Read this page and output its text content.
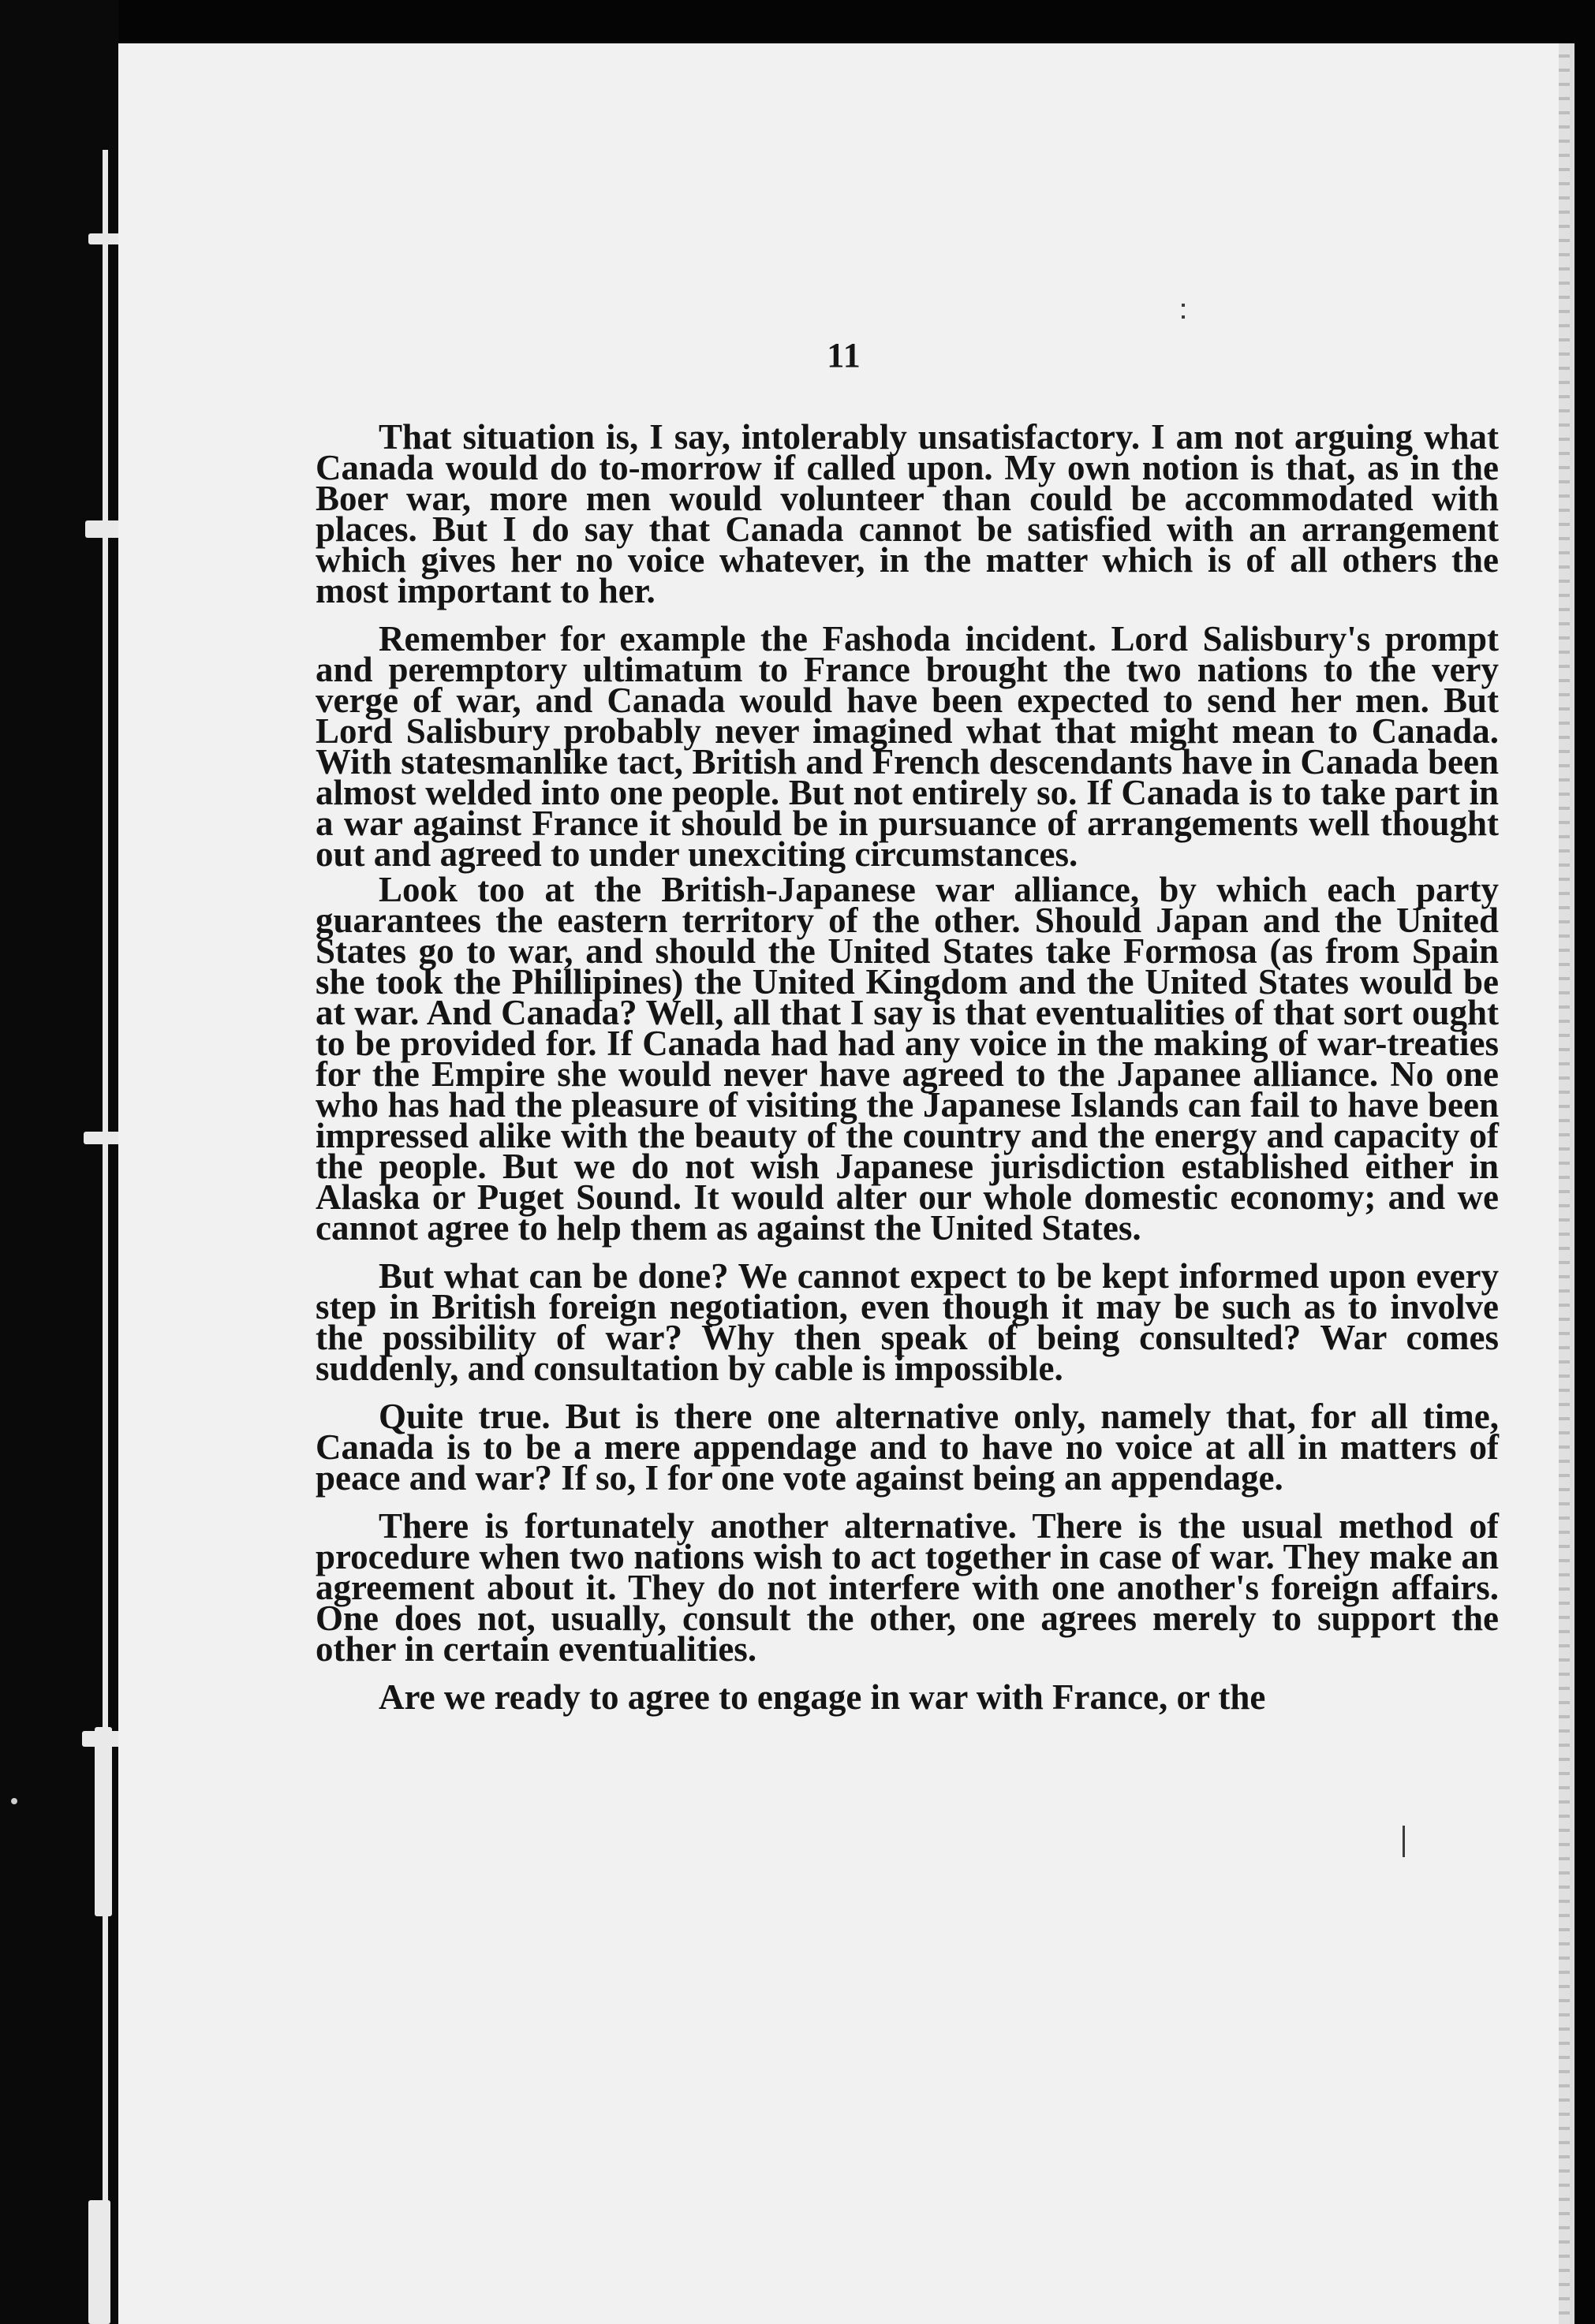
11

That situation is, I say, intolerably unsatisfactory. I am not arguing what Canada would do to-morrow if called upon. My own notion is that, as in the Boer war, more men would volunteer than could be accommodated with places. But I do say that Canada cannot be satisfied with an arrangement which gives her no voice whatever, in the matter which is of all others the most important to her.

Remember for example the Fashoda incident. Lord Salisbury's prompt and peremptory ultimatum to France brought the two nations to the very verge of war, and Canada would have been expected to send her men. But Lord Salisbury probably never imagined what that might mean to Canada. With statesmanlike tact, British and French descendants have in Canada been almost welded into one people. But not entirely so. If Canada is to take part in a war against France it should be in pursuance of arrangements well thought out and agreed to under unexciting circumstances.

Look too at the British-Japanese war alliance, by which each party guarantees the eastern territory of the other. Should Japan and the United States go to war, and should the United States take Formosa (as from Spain she took the Phillipines) the United Kingdom and the United States would be at war. And Canada? Well, all that I say is that eventualities of that sort ought to be provided for. If Canada had had any voice in the making of war-treaties for the Empire she would never have agreed to the Japanee alliance. No one who has had the pleasure of visiting the Japanese Islands can fail to have been impressed alike with the beauty of the country and the energy and capacity of the people. But we do not wish Japanese jurisdiction established either in Alaska or Puget Sound. It would alter our whole domestic economy; and we cannot agree to help them as against the United States.

But what can be done? We cannot expect to be kept informed upon every step in British foreign negotiation, even though it may be such as to involve the possibility of war? Why then speak of being consulted? War comes suddenly, and consultation by cable is impossible.

Quite true. But is there one alternative only, namely that, for all time, Canada is to be a mere appendage and to have no voice at all in matters of peace and war? If so, I for one vote against being an appendage.

There is fortunately another alternative. There is the usual method of procedure when two nations wish to act together in case of war. They make an agreement about it. They do not interfere with one another's foreign affairs. One does not, usually, consult the other, one agrees merely to support the other in certain eventualities.

Are we ready to agree to engage in war with France, or the
